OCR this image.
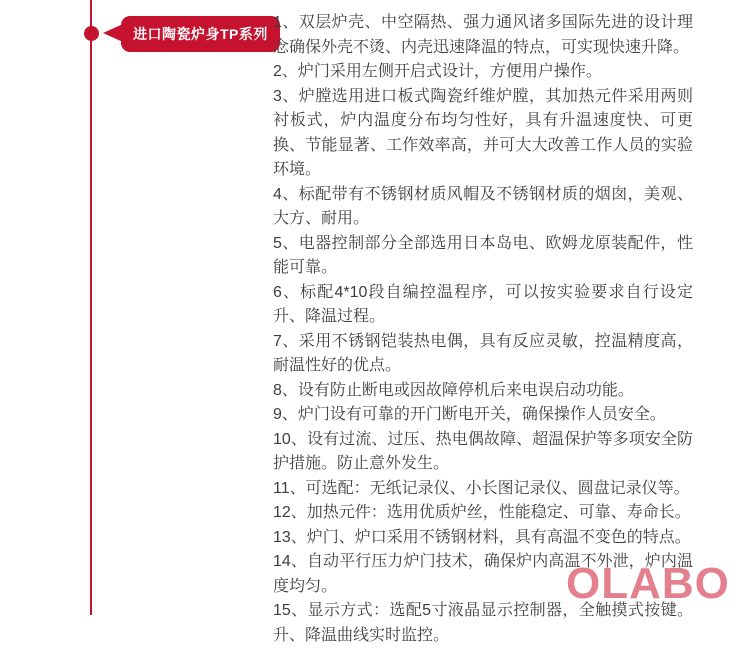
进口陶瓷炉身TP系列
OLABO

1、双层炉壳、中空隔热、强力通风诸多国际先进的设计理念确保外壳不烫、内壳迅速降温的特点，可实现快速升降。

2、炉门采用左侧开启式设计，方便用户操作。

3、炉膛选用进口板式陶瓷纤维炉膛，其加热元件采用两则衬板式，炉内温度分布均匀性好，具有升温速度快、可更换、节能显著、工作效率高，并可大大改善工作人员的实验环境。

4、标配带有不锈钢材质风帽及不锈钢材质的烟囱，美观、大方、耐用。

5、电器控制部分全部选用日本岛电、欧姆龙原装配件，性能可靠。

6、标配4*10段自编控温程序，可以按实验要求自行设定升、降温过程。

7、采用不锈钢铠装热电偶，具有反应灵敏，控温精度高，耐温性好的优点。

8、设有防止断电或因故障停机后来电误启动功能。

9、炉门设有可靠的开门断电开关，确保操作人员安全。

10、设有过流、过压、热电偶故障、超温保护等多项安全防护措施。防止意外发生。

11、可选配：无纸记录仪、小长图记录仪、圆盘记录仪等。

12、加热元件：选用优质炉丝，性能稳定、可靠、寿命长。

13、炉门、炉口采用不锈钢材料，具有高温不变色的特点。

14、自动平行压力炉门技术，确保炉内高温不外泄，炉内温度均匀。

15、显示方式：选配5寸液晶显示控制器，全触摸式按键。升、降温曲线实时监控。
